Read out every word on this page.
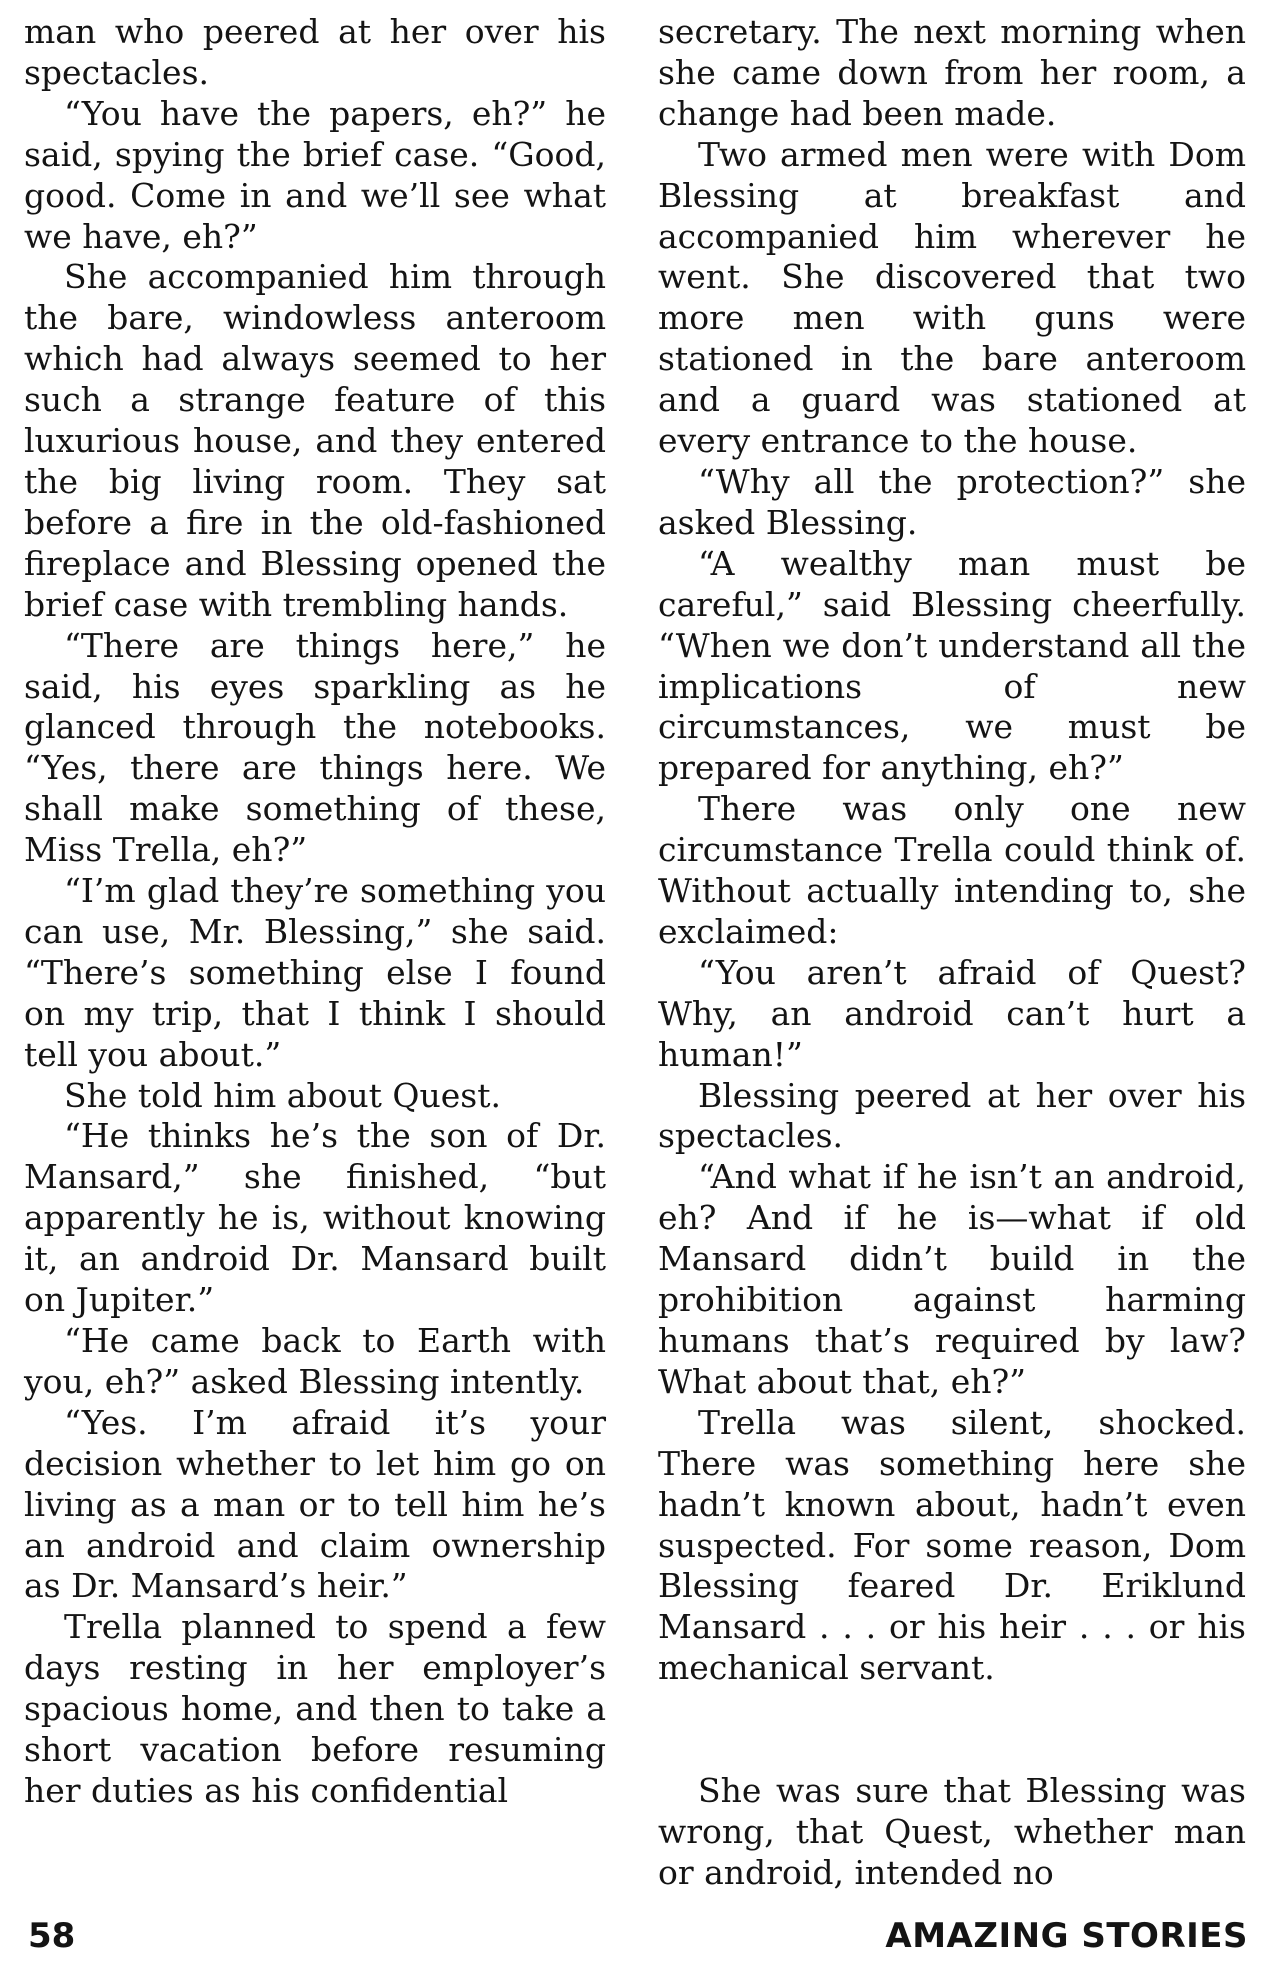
man who peered at her over his spectacles.

“You have the papers, eh?” he said, spying the brief case. “Good, good. Come in and we’ll see what we have, eh?”

She accompanied him through the bare, windowless anteroom which had always seemed to her such a strange feature of this luxurious house, and they entered the big living room. They sat before a fire in the old-fashioned fireplace and Blessing opened the brief case with trembling hands.

“There are things here,” he said, his eyes sparkling as he glanced through the notebooks. “Yes, there are things here. We shall make something of these, Miss Trella, eh?”

“I’m glad they’re something you can use, Mr. Blessing,” she said. “There’s something else I found on my trip, that I think I should tell you about.”

She told him about Quest.

“He thinks he’s the son of Dr. Mansard,” she finished, “but apparently he is, without knowing it, an android Dr. Mansard built on Jupiter.”

“He came back to Earth with you, eh?” asked Blessing intently.

“Yes. I’m afraid it’s your decision whether to let him go on living as a man or to tell him he’s an android and claim ownership as Dr. Mansard’s heir.”

Trella planned to spend a few days resting in her employer’s spacious home, and then to take a short vacation before resuming her duties as his confidential

secretary. The next morning when she came down from her room, a change had been made.

Two armed men were with Dom Blessing at breakfast and accompanied him wherever he went. She discovered that two more men with guns were stationed in the bare anteroom and a guard was stationed at every entrance to the house.

“Why all the protection?” she asked Blessing.

“A wealthy man must be careful,” said Blessing cheerfully. “When we don’t understand all the implications of new circumstances, we must be prepared for anything, eh?”

There was only one new circumstance Trella could think of. Without actually intending to, she exclaimed:

“You aren’t afraid of Quest? Why, an android can’t hurt a human!”

Blessing peered at her over his spectacles.

“And what if he isn’t an android, eh? And if he is—what if old Mansard didn’t build in the prohibition against harming humans that’s required by law? What about that, eh?”

Trella was silent, shocked. There was something here she hadn’t known about, hadn’t even suspected. For some reason, Dom Blessing feared Dr. Eriklund Mansard . . . or his heir . . . or his mechanical servant.

She was sure that Blessing was wrong, that Quest, whether man or android, intended no

58	AMAZING STORIES
